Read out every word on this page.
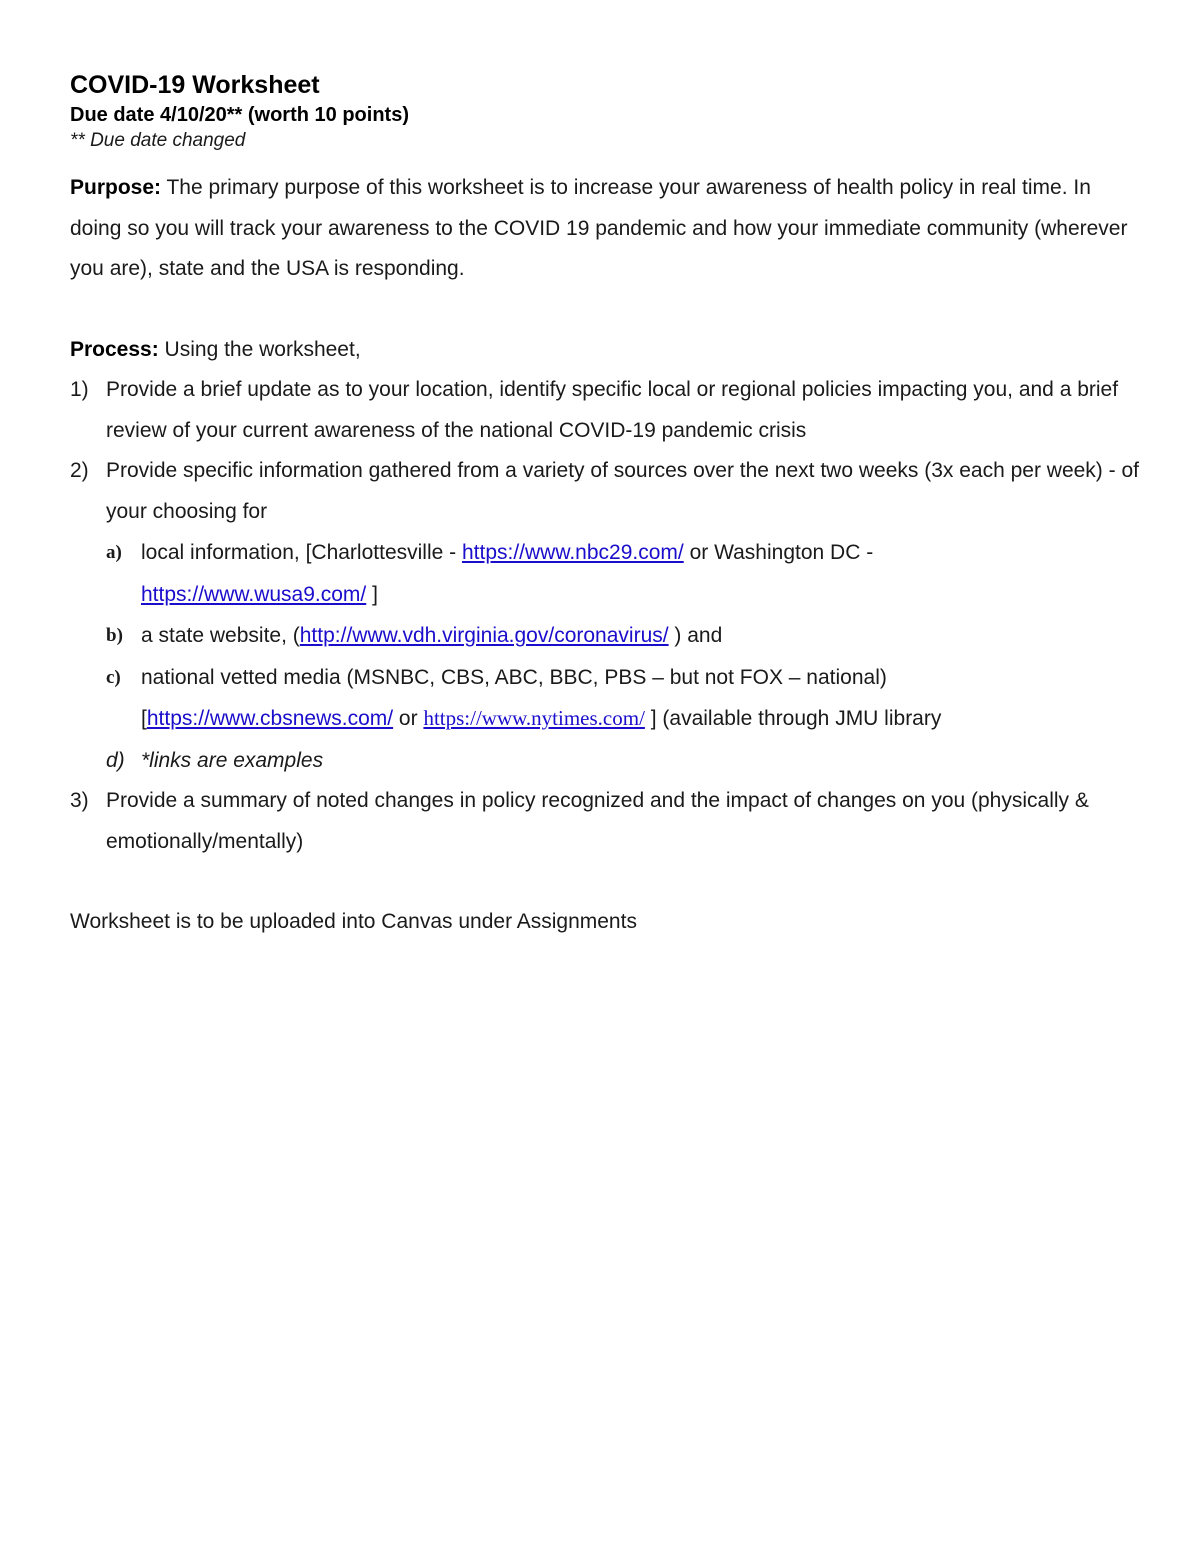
COVID-19 Worksheet

Due date 4/10/20** (worth 10 points)

** Due date changed

Purpose: The primary purpose of this worksheet is to increase your awareness of health policy in real time. In doing so you will track your awareness to the COVID 19 pandemic and how your immediate community (wherever you are), state and the USA is responding.

Process: Using the worksheet,

1) Provide a brief update as to your location, identify specific local or regional policies impacting you, and a brief review of your current awareness of the national COVID-19 pandemic crisis
2) Provide specific information gathered from a variety of sources over the next two weeks (3x each per week) - of your choosing for
a) local information, [Charlottesville - https://www.nbc29.com/ or Washington DC -
https://www.wusa9.com/ ]
b) a state website, (http://www.vdh.virginia.gov/coronavirus/ ) and
c) national vetted media (MSNBC, CBS, ABC, BBC, PBS – but not FOX – national) [https://www.cbsnews.com/ or https://www.nytimes.com/ ] (available through JMU library
d) *links are examples
3) Provide a summary of noted changes in policy recognized and the impact of changes on you (physically & emotionally/mentally)

Worksheet is to be uploaded into Canvas under Assignments
